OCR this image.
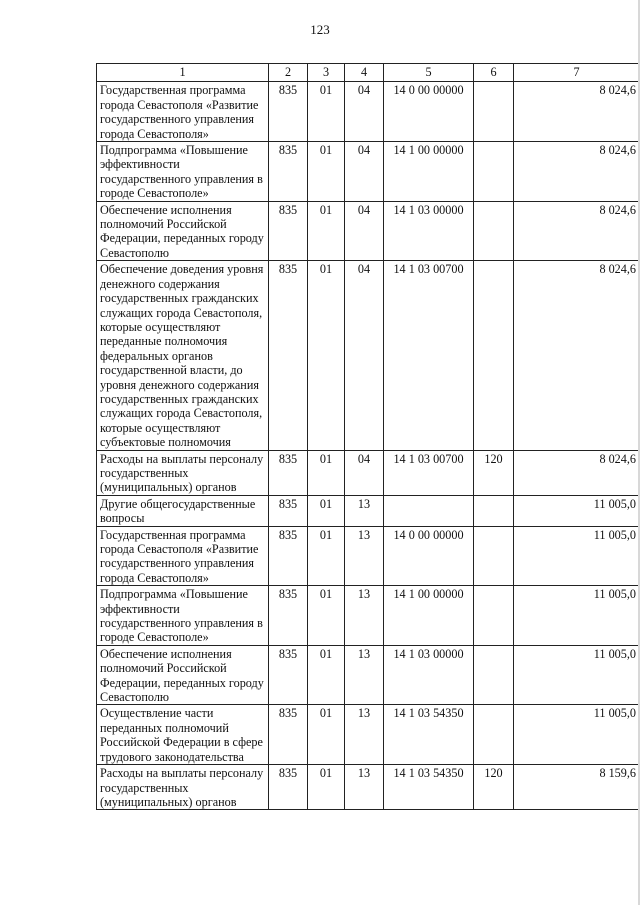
123
1	2	3	4	5	6	7
Государственная программа города Севастополя «Развитие государственного управления города Севастополя»	835	01	04	14 0 00 00000		8 024,6
Подпрограмма «Повышение эффективности государственного управления в городе Севастополе»	835	01	04	14 1 00 00000		8 024,6
Обеспечение исполнения полномочий Российской Федерации, переданных городу Севастополю	835	01	04	14 1 03 00000		8 024,6
Обеспечение доведения уровня денежного содержания государственных гражданских служащих города Севастополя, которые осуществляют переданные полномочия федеральных органов государственной власти, до уровня денежного содержания государственных гражданских служащих города Севастополя, которые осуществляют субъектовые полномочия	835	01	04	14 1 03 00700		8 024,6
Расходы на выплаты персоналу государственных (муниципальных) органов	835	01	04	14 1 03 00700	120	8 024,6
Другие общегосударственные вопросы	835	01	13			11 005,0
Государственная программа города Севастополя «Развитие государственного управления города Севастополя»	835	01	13	14 0 00 00000		11 005,0
Подпрограмма «Повышение эффективности государственного управления в городе Севастополе»	835	01	13	14 1 00 00000		11 005,0
Обеспечение исполнения полномочий Российской Федерации, переданных городу Севастополю	835	01	13	14 1 03 00000		11 005,0
Осуществление части переданных полномочий Российской Федерации в сфере трудового законодательства	835	01	13	14 1 03 54350		11 005,0
Расходы на выплаты персоналу государственных (муниципальных) органов	835	01	13	14 1 03 54350	120	8 159,6
